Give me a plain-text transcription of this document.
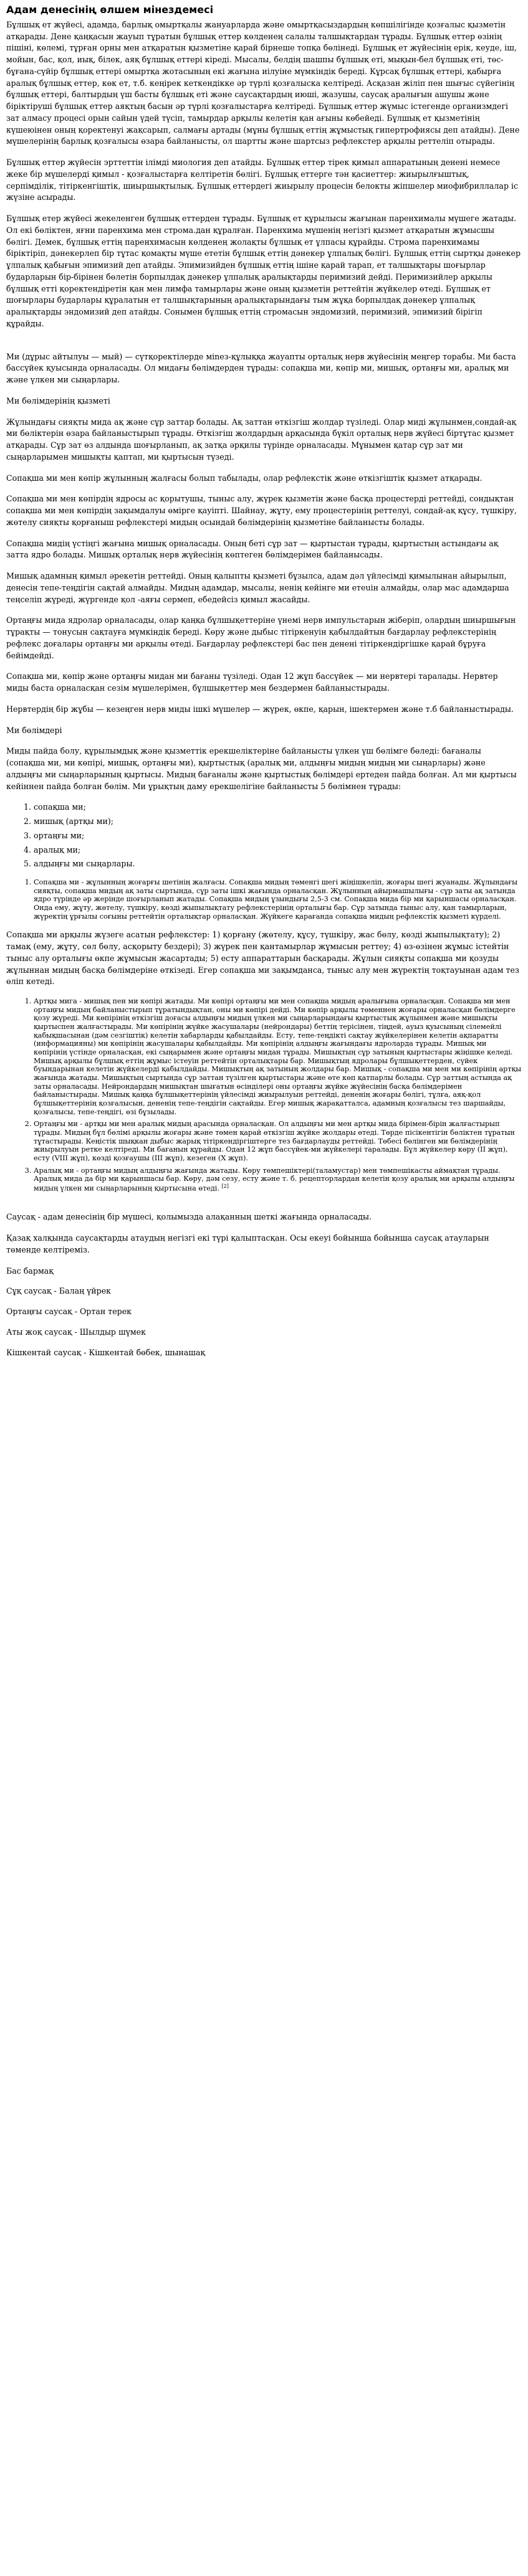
Адам денесінің өлшем мінездемесі

Бұлшық ет жүйесі, адамда, барлық омыртқалы жануарларда жәнe омыртқасыздардың көпшілігінде қозғалыс қызметін атқарады. Дене қаңқасын жауып тұратын бұлшық еттер көлденең салалы талшықтардан тұрады. Бұлшық еттер өзінің пішіні, көлемі, тұрған орны мен атқаратын қызметіне қарай бірнеше топқа бөлінеді. Бұлшық ет жүйесінің ерік, кеудe, іш, мойын, бас, қол, иық, білек, аяқ бұлшық еттері кіреді. Мысалы, белдің шашпы бұлшық еті, мықын-бел бұлшық еті, төс-бұғана-сүйір бұлшық еттері омыртқа жотасының екі жағына иілуіне мүмкіндік береді. Кұрсақ бұлшық еттері, қабырға аралық бұлшық еттер, көк ет, т.б. кеңірек кеткендікке әр түрлі қозғалыска келтіреді. Асқазан жіліп пен шығыс сүйегінің бұлшық еттері, балтырдың үш басты бұлшық еті және саусақтардың июші, жазушы, саусақ аралығын ашушы және біріктіруші бұлшық еттер аяқтың басын әр түрлі қозғалыстарға келтіреді. Бұлшық еттер жүмыс істегенде организмдегі зат алмасу процесі орын сайын үдей түсіп, тамырдар арқылы келетін қан ағыны көбейеді. Бұлшық ет қызметінің күшеюінен оның қоректенуі жақсарып, салмағы артады (мұны бұлшық еттің жұмыстық гипертрофиясы деп атайды). Дене мүшелерінің барлық қозғалысы өзара байланысты, ол шартты және шартсыз рефлекстер арқылы реттеліп отырады.

Бұлшық еттер жүйесін эрттеттін ілімді миология деп атайды. Бұлшық еттер тірек қимыл аппаратының денені немесе жеке бір мүшелердi қимыл - қозғалыстарға келтіретін бөлігі. Бұлшық еттерге тән қасиеттер: жиырылғыштық, серпімділік, тітіркенгіштік, шиыршықтылық. Бұлшық еттердегі жиырылу процесін белокты жіпшелер миофибриллалар іс жүзіне асырады.

Бұлшық етер жүйесі жекеленген бұлшық еттерден тұрады. Бұлшық ет құрылысы жағынан паренхималы мүшеге жатады. Ол екі бөліктен, яғни паренхима мен строма.дан құралған. Паренхима мүшенің негізгі қызмет атқаратын жұмысшы бөлігі. Демек, бұлшық еттің паренхимасын көлденең жолақты бұлшық ет ұлпасы құрайды. Строма паренхимамы біріктіріп, дәнекерлеп бір тұтас қомақты мүше ететін бұлшық еттің дәнекер ұлпалық бөлігі. Бұлшық еттің сыртқы дәнекер ұлпалық қабығын эпимизий деп атайды. Эпимизийден бұлшық еттің ішіне қарай тарап, ет талшықтары шоғырлар бударларын бір-бірінен бөлетін борпылдақ дәнекер ұлпалық аралықтарды перимизий дейді. Перимизийлер арқылы бұлшық етті қоректендіретін қан мен лимфа тамырлары және оның қызметін реттейтін жүйкелер өтеді. Бұлшық ет шоғырлары бударлары құралатын ет талшықтарының аралықтарындағы тым жұқа борпылдақ дәнекер ұлпалық аралықтарды эндомизий деп атайды. Сонымен бұлшық еттің стромасын эндомизий, перимизий, эпимизий бірігіп құрайды.

Ми (дұрыс айтылуы — мый) — сүтқоректілерде міnез-құлыққа жауапты орталық нерв жүйесінің меңгер торабы. Ми баста бассүйек қуысында орналасады. Ол мидағы бөлімдерден тұрады: сопақша ми, көпір ми, мишық, ортаңғы ми, аралық ми және үлкен ми сыңарлары.

Ми бөлімдерінің қызметі

Жұлындағы сияқты мида ақ және сұр заттар болады. Ақ заттан өткізгіш жолдар түзіледі. Олар миді жұлынмен,сондай-ақ ми бөліктерін өзара байланыстырып тұрады. Өткізгіш жолдардың арқасында бүкіл орталық нерв жүйесі біртұтас қызмет атқарады. Сұр зат өз алдында шоғырланып, ақ затқа әрқилы түрінде орналасады. Мұнымен қатар сұр зат ми сыңарларымен мишықты қаптап, ми қыртысын түзеді.

Сопақша ми мен көпір жұлынның жалғасы болып табылады, олар рефлекстік және өткізгіштік қызмет атқарады.

Сопақша ми мен көпірдің ядросы ас қорытушы, тыныс алу, жүрек қызметін және басқа процестерді реттейді, сондықтан сопақша ми мен көпірдің зақымдалуы өмірге қауіпті. Шайнау, жұту, ему процестерінің реттелуі, сондай-ақ құсу, түшкіру, жөтелу сияқты қорғаныш рефлекстері мидың осындай бөлімдерінің қызметіне байланысты болады.

Сопақша мидің үстіңгі жағына мишық орналасады. Оның беті сұр зат — қыртыстан тұрады, қыртыстың астындағы ақ затта ядро болады. Мишық орталық нерв жүйесінің көптеген бөлімдерімен байланысады.

Мишық адамның қимыл әрекетін реттейді. Оның қалыпты қызметі бұзылса, адам дәл үйлесімді қимылынан айырылып, денесін тепе-теңдігін сақтай алмайды. Мидың адамдар, мысалы, ненің кейінге ми етeuін алмайды, олар мас адамдарша теңселіп жүреді, жүргенде қол -аяғы сермеп, ебедейсіз қимыл жасайды.

Ортаңғы мида ядролар орналасады, олар қаңқа бұлшықеттеріне үнемі нерв импульстарын жіберіп, олардың шиыршығын тұрақты — тонусын сақтауға мүмкіндік береді. Көру және дыбыс тітіркенуін қабылдайтын бағдарлау рефлекстерінің рефлекс доғалары ортаңғы ми арқылы өтеді. Бағдарлау рефлекстері бас пен денені тітіркендіргішке қарай бұруға бейімдейді.

Сопақша ми, көпір және ортаңғы мидан ми бағаны түзіледі. Одан 12 жұп бассүйек — ми нервтері таралады. Нервтер миды баста орналасқан сезім мүшелерімен, бұлшықеттер мен бездермен байланыстырады.

Нервтердің бір жұбы — кезеңген нерв миды ішкі мүшелер — жүрек, өкпе, қарын, ішектермен және т.б байланыстырады.

Ми бөлімдері

Миды пайда болу, құрылымдық және қызметтік ерекшеліктеріне байланысты үлкен үш бөлімге бөледі: бағаналы (сопақша ми, ми көпірі, мишық, ортаңғы ми), қыртыстық (аралық ми, алдыңғы мидың мидың ми сыңарлары) және алдыңғы ми сыңарларының қыртысы. Мидың бағаналы және қыртыстық бөлімдері ертеден пайда болған. Ал ми қыртысы кейіннен пайда болған бөлім. Ми ұрықтың даму ерекшелігіне байланысты 5 бөлімнен тұрады:

1. сопақша ми;
2. мишық (артқы ми);
3. ортаңғы ми;
4. аралық ми;
5. алдыңғы ми сыңарлары.
1. Сопақша ми - жұлынның жоғарғы шетінің жалғасы. Сопақша мидың төменгі шегі жіңішкеліп, жоғары шегі жуанады. Жұлындағы сияқты, сопақша мидың ақ заты сыртында, сұр заты ішкі жағында орналасқан. Жұлынның айырмашылығы - сұр заты ақ затында ядро түрінде әр жерінде шоғырланып жатады. Сопақша мидың ұзындығы 2,5-3 см. Сопақша мида бір ми қарыншасы орналасқан. Онда ему, жұту, жөтелу, түшкіру, көзді жыпылықтату рефлекстерінің орталығы бар. Сұр затында тыныс алу, қан тамырларын, жүректің ұрғылы соғыны реттейтін орталықтар орналасқан. Жүйкеге қарағанда сопақша мидың рефлекстік қызметі күрделі.

Сопақша ми арқылы жүзеге асатын рефлекстер: 1) қорғану (жөтелу, құсу, түшкіру, жас бөлу, көзді жыпылықтату); 2) тамақ (ему, жұту, сөл бөлу, асқорыту бездері); 3) жүрек пен қантамырлар жұмысын реттеу; 4) өз-өзінен жұмыс істейтін тыныс алу орталығы өкпе жұмысын жасартады; 5) есту аппараттарын басқарады. Жұлын сияқты сопақша ми қозуды жұлыннан мидың басқа бөлімдеріне өткізеді. Егер сопақша ми зақымданса, тыныс алу мен жүректің тоқтауынан адам тез өліп кетеді.

1. Артқы мига - мишық пен ми көпірі жатады. Ми көпірі ортаңғы ми мен сопақша мидың аралығына орналасқан. Сопақша ми мен ортаңғы мидың байланыстырып тұратындықтан, оны ми көпірі дейді. Ми көпір арқылы төменнен жоғары орналасқан бөлімдерге қозу жүреді. Ми көпірінің өткізгіш доғасы алдыңғы мидың үлкен ми сыңарларындағы қыртыстық жұлынмен және мишықты қыртыспен жалғастырады. Ми көпірінің жүйке жасушалары (нейрондары) беттің терісінен, тіңдей, ауыз қуысының сілемейлі қабықшасынан (дәм сезгіштік) келетін хабарларды қабылдайды. Есту, тепе-теңдікті сақтау жүйкелерінен келетін ақпаратты (информацияны) ми көпірінің жасушалары қабылдайды. Ми көпірінің алдыңғы жағындағы ядроларда тұрады. Мишық ми көпірінің үстінде орналасқан, екі сыңарымен және ортаңғы мидан тұрады. Мишықтың сұр затының қыртыстары жіңішке келеді. Мишық арқылы бұлшық еттің жұмыс істеуін реттейтін орталықтары бар. Мишықтың ядролары бұлшықеттерден, сүйек буындарынан келетін жүйкелерді қабылдайды. Мишықтың ақ затының жолдары бар. Мишық - сопақша ми мен ми көпірінің артқы жағында жатады. Мишықтың сыртында сұр заттан түзілген қыртыстары және өте көп қатпарлы болады. Сұр заттың астында ақ заты орналасады. Нейрондардың мишықтан шығатын өсінділері оны ортаңғы жүйке жүйесінің басқа бөлімдерімен байланыстырады. Мишық қаңқа бұлшықеттерінің үйлесімді жиырылуын реттейді, дененің жоғары бөлігі, тұлға, аяқ-қол бұлшықеттерінің қозғалысын, дененің тепе-теңдігін сақтайды. Егер мишық жарақатталса, адамның қозғалысы тез шаршайды, қозғалысы, тепе-теңдігі, өзі бұзылады.
2. Ортаңғы ми - артқы ми мен аралық мидың арасында орналасқан. Ол алдыңғы ми мен артқы мида бірімен-бірін жалғастырып тұрады. Мидың бұл бөлімі арқылы жоғары және төмен қарай өткізгіш жүйке жолдары өтеді. Төрде пісікентігін бөліктен тұратын тұтастырады. Кеңістік шықкан дыбыс жарық тітіркендіргіштерге тез бағдарлауды реттейді. Төбесі бөлінген ми бөлімдерінің жиырылуын ретке келтіреді. Ми бағанын құрайды. Одан 12 жұп бассүйек-ми жүйкелері таралады. Бұл жүйкелер көру (II жұп), есту (VIII жұп), көзді қозғаушы (III жұп), кезеген (X жұп).
3. Аралық ми - ортаңғы мидың алдыңғы жағында жатады. Көру төмпешіктері(таламустар) мен төмпешікасты аймақтан тұрады. Аралық мида да бір ми қарыншасы бар. Көру, дәм сезу, есту және т. б. рецепторлардан келетін қозу аралық ми арқылы алдыңғы мидың үлкен ми сыңарларының қыртысына өтеді. [2]

Саусақ - адам денесінің бір мүшесі, қолымызда алақанның шеткі жағында орналасады.

Қазақ халқында саусақтарды атаудың негізгі екі түрі қалыптасқан. Осы екеуі бойынша бойынша саусақ атауларын төменде келтіреміз.

Бас бармақ
Сұқ саусақ - Балаң үйрек
Ортаңғы саусақ - Ортан терек
Аты жоқ саусақ - Шылдыр шүмек
Кішкентай саусақ - Кішкентай бөбек, шынашақ
